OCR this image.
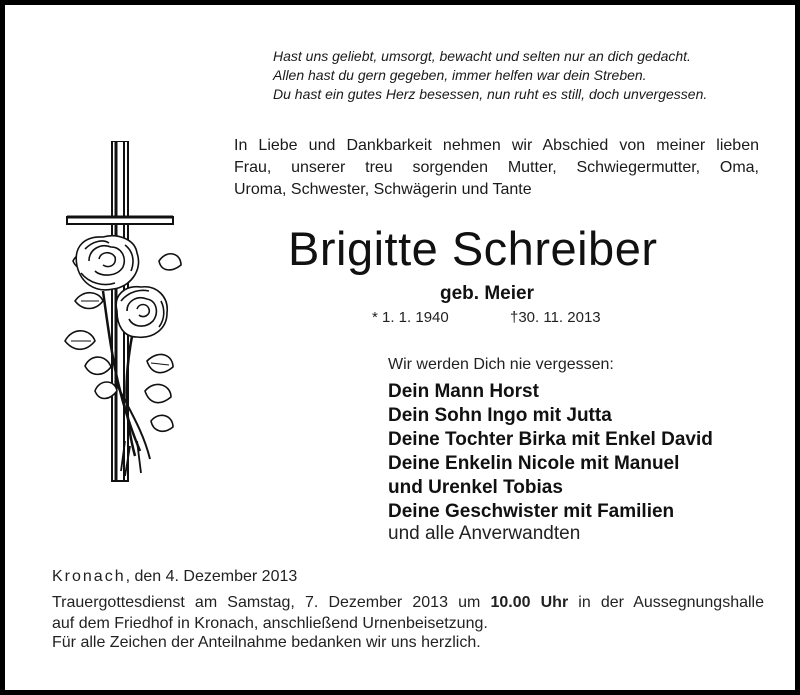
Hast uns geliebt, umsorgt, bewacht und selten nur an dich gedacht.
Allen hast du gern gegeben, immer helfen war dein Streben.
Du hast ein gutes Herz besessen, nun ruht es still, doch unvergessen.
In Liebe und Dankbarkeit nehmen wir Abschied von meiner lieben
Frau, unserer treu sorgenden Mutter, Schwiegermutter, Oma,
Uroma, Schwester, Schwägerin und Tante
Brigitte Schreiber
geb. Meier
* 1. 1. 1940	†30. 11. 2013
Wir werden Dich nie vergessen:
Dein Mann Horst
Dein Sohn Ingo mit Jutta
Deine Tochter Birka mit Enkel David
Deine Enkelin Nicole mit Manuel
und Urenkel Tobias
Deine Geschwister mit Familien
und alle Anverwandten
Kronach, den 4. Dezember 2013
Trauergottesdienst am Samstag, 7. Dezember 2013 um 10.00 Uhr in der Aussegnungshalle
auf dem Friedhof in Kronach, anschließend Urnenbeisetzung.
Für alle Zeichen der Anteilnahme bedanken wir uns herzlich.
